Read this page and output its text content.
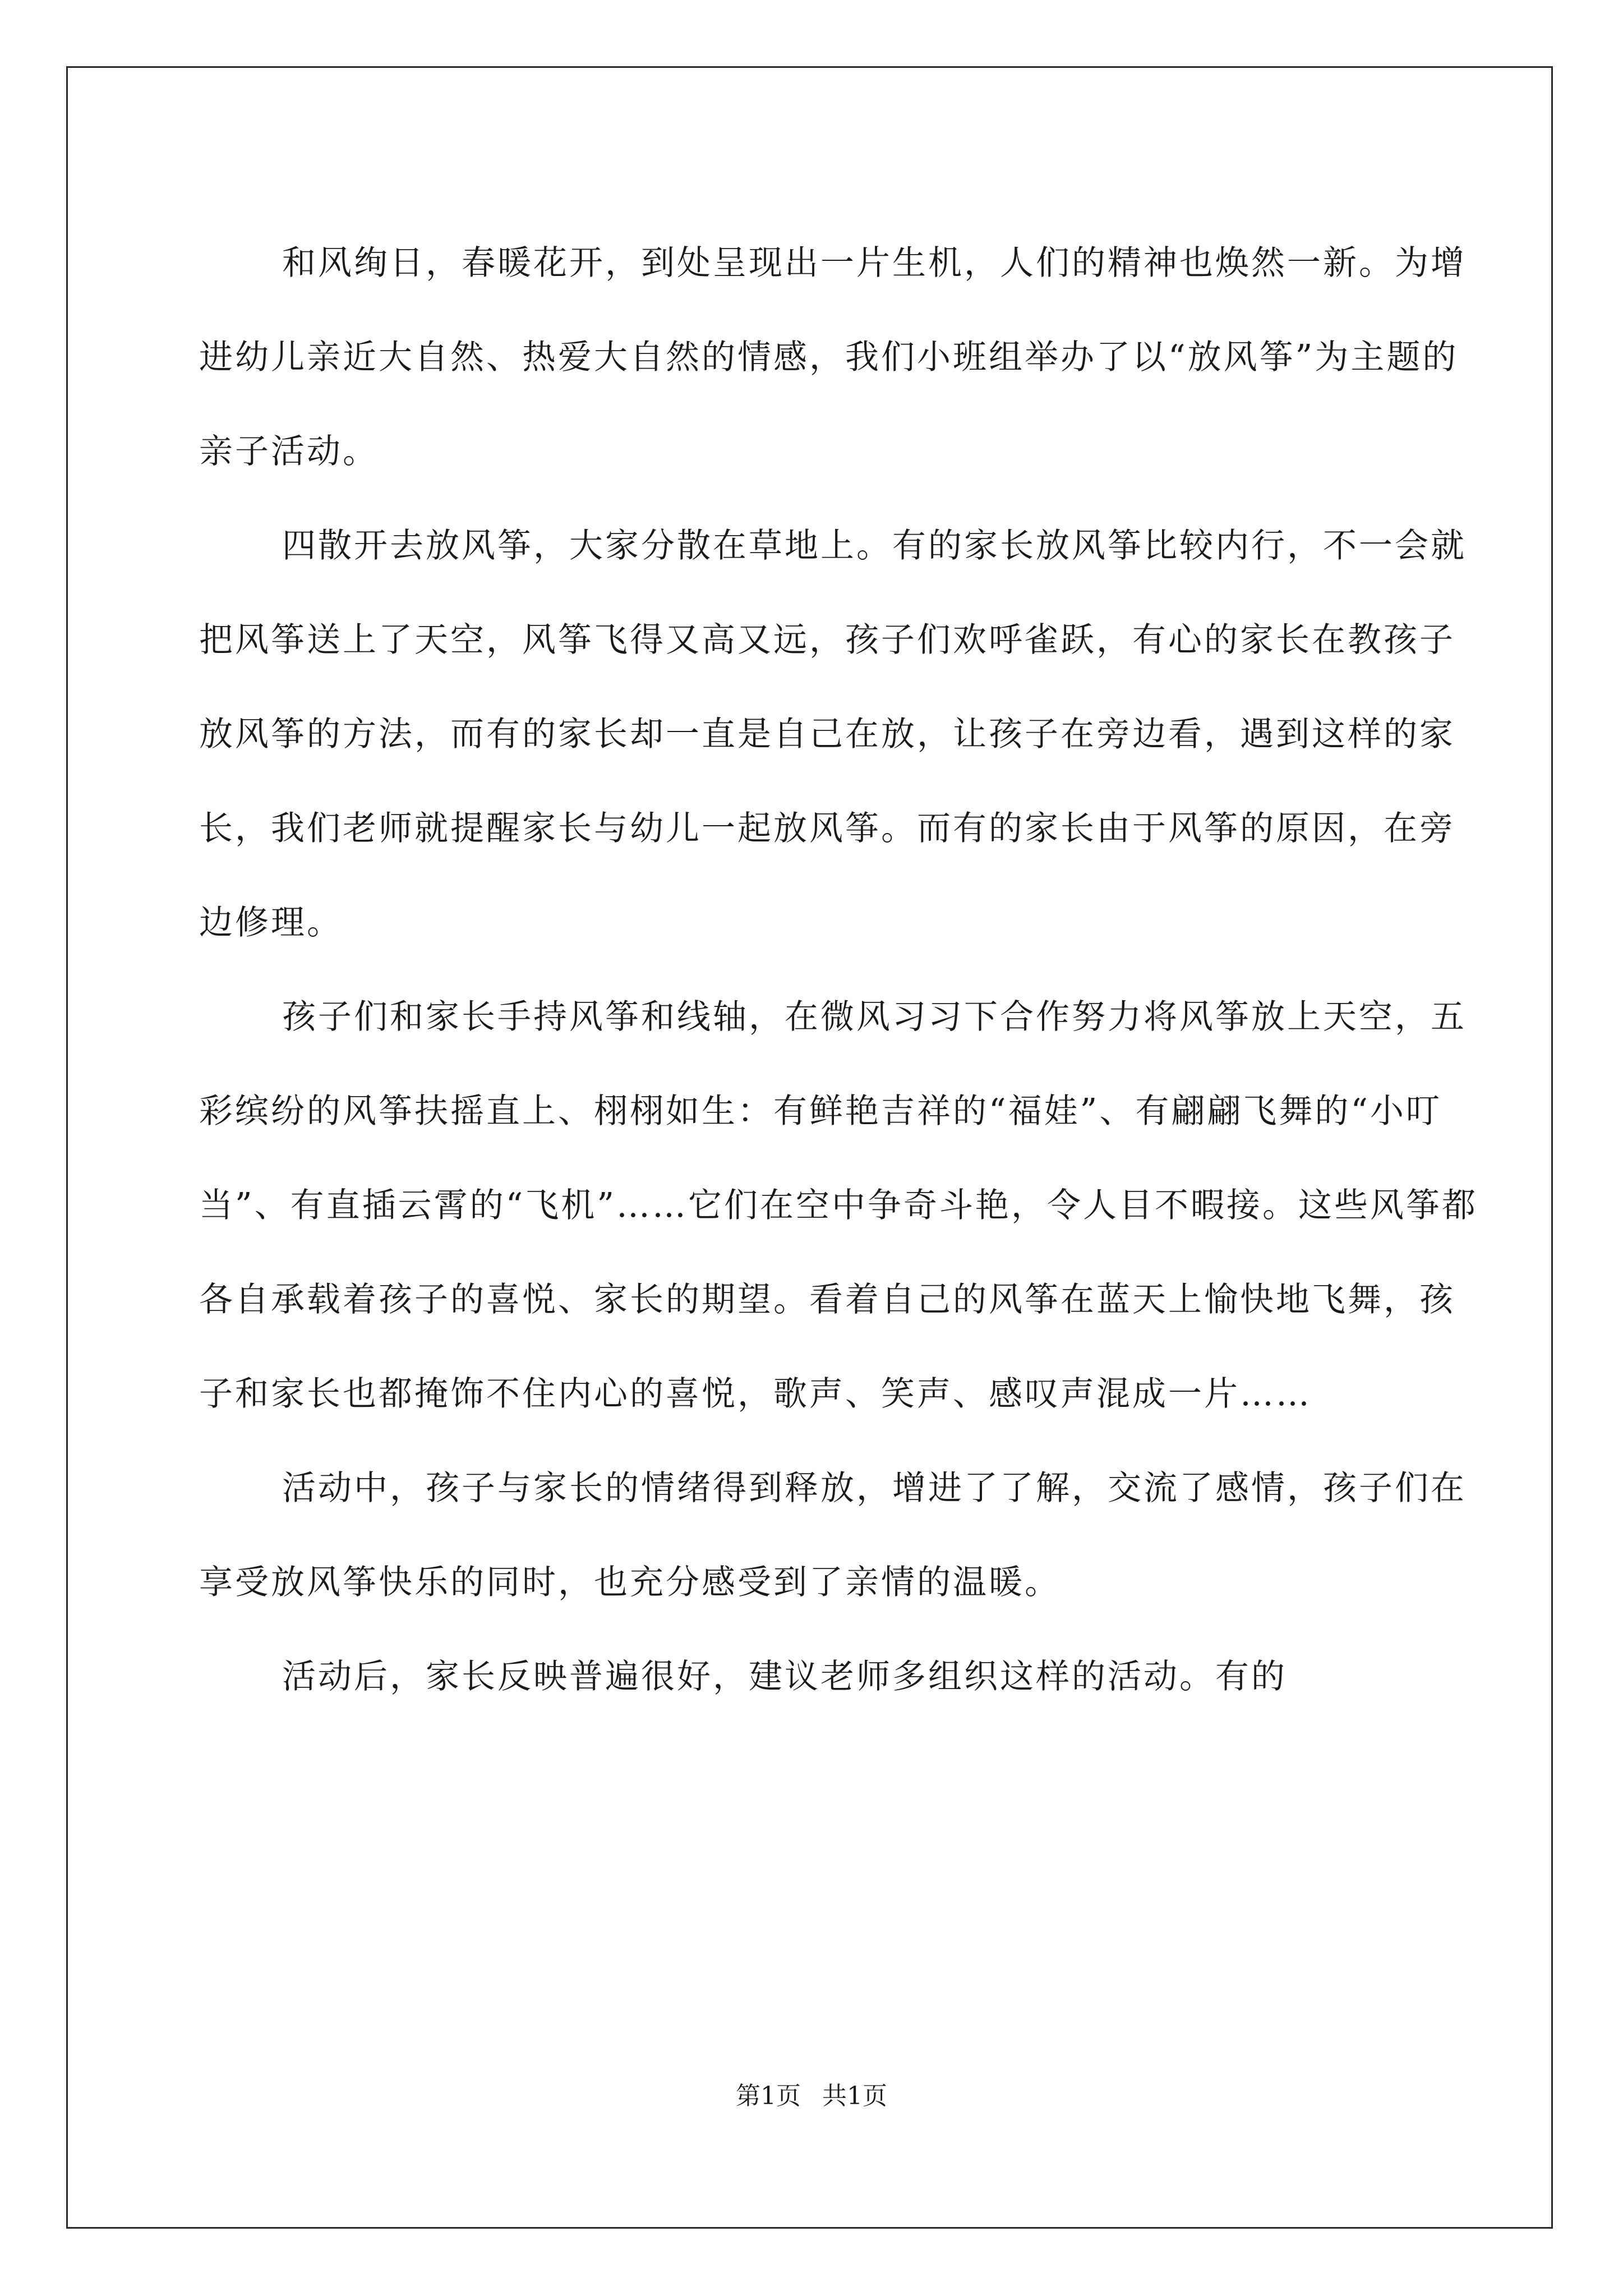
和风绚日，春暖花开，到处呈现出一片生机，人们的精神也焕然一新。为增进幼儿亲近大自然、热爱大自然的情感，我们小班组举办了以“放风筝”为主题的亲子活动。

四散开去放风筝，大家分散在草地上。有的家长放风筝比较内行，不一会就把风筝送上了天空，风筝飞得又高又远，孩子们欢呼雀跃，有心的家长在教孩子放风筝的方法，而有的家长却一直是自己在放，让孩子在旁边看，遇到这样的家长，我们老师就提醒家长与幼儿一起放风筝。而有的家长由于风筝的原因，在旁边修理。

孩子们和家长手持风筝和线轴，在微风习习下合作努力将风筝放上天空，五彩缤纷的风筝扶摇直上、栩栩如生：有鲜艳吉祥的“福娃”、有翩翩飞舞的“小叮当”、有直插云霄的“飞机”……它们在空中争奇斗艳，令人目不暇接。这些风筝都各自承载着孩子的喜悦、家长的期望。看着自己的风筝在蓝天上愉快地飞舞，孩子和家长也都掩饰不住内心的喜悦，歌声、笑声、感叹声混成一片……

活动中，孩子与家长的情绪得到释放，增进了了解，交流了感情，孩子们在享受放风筝快乐的同时，也充分感受到了亲情的温暖。

活动后，家长反映普遍很好，建议老师多组织这样的活动。有的

第1页 共1页
